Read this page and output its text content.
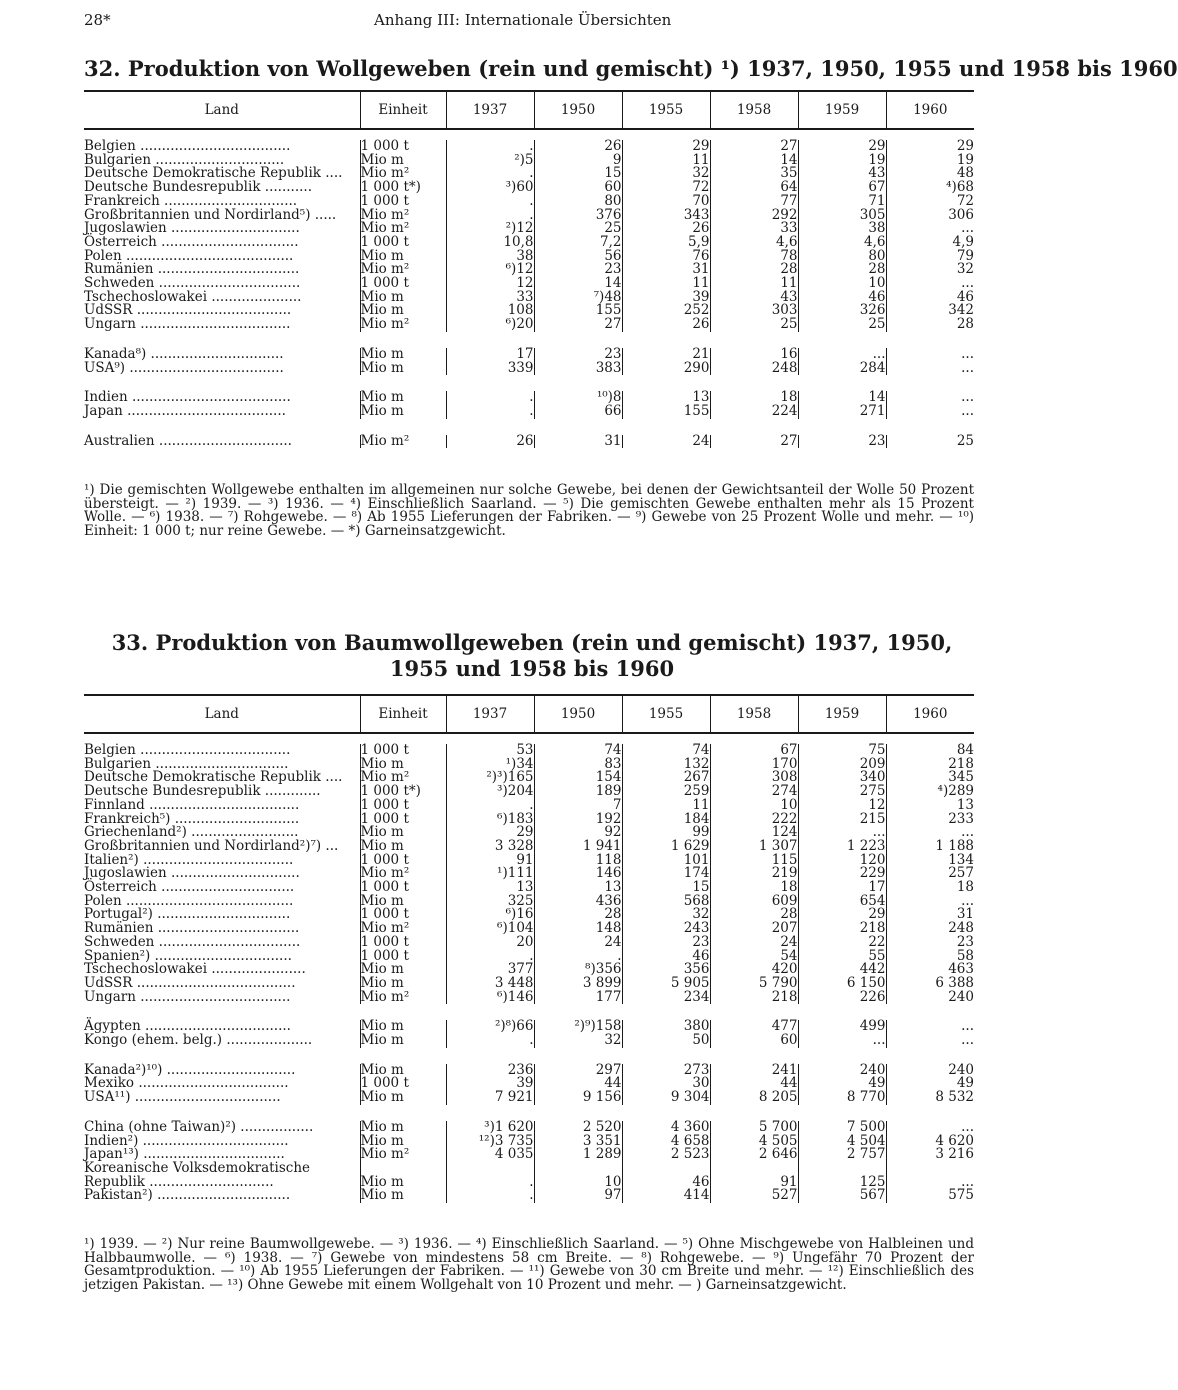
28*	Anhang III: Internationale Übersichten
32. Produktion von Wollgeweben (rein und gemischt) ¹) 1937, 1950, 1955 und 1958 bis 1960
Land	Einheit	1937	1950	1955	1958	1959	1960

Belgien ...................................	1 000 t	.	26	29	27	29	29
Bulgarien ..............................	Mio m	²)5	9	11	14	19	19
Deutsche Demokratische Republik ....	Mio m²	.	15	32	35	43	48
Deutsche Bundesrepublik ...........	1 000 t*)	³)60	60	72	64	67	⁴)68
Frankreich ...............................	1 000 t	.	80	70	77	71	72
Großbritannien und Nordirland⁵) .....	Mio m²	.	376	343	292	305	306
Jugoslawien ..............................	Mio m²	²)12	25	26	33	38	...
Österreich ................................	1 000 t	10,8	7,2	5,9	4,6	4,6	4,9
Polen .......................................	Mio m	38	56	76	78	80	79
Rumänien .................................	Mio m²	⁶)12	23	31	28	28	32
Schweden .................................	1 000 t	12	14	11	11	10	...
Tschechoslowakei .....................	Mio m	33	⁷)48	39	43	46	46
UdSSR ....................................	Mio m	108	155	252	303	326	342
Ungarn ...................................	Mio m²	⁶)20	27	26	25	25	28

Kanada⁸) ...............................	Mio m	17	23	21	16	...	...
USA⁹) ....................................	Mio m	339	383	290	248	284	...

Indien .....................................	Mio m	.	¹⁰)8	13	18	14	...
Japan .....................................	Mio m	.	66	155	224	271	...

Australien ...............................	Mio m²	26	31	24	27	23	25

¹) Die gemischten Wollgewebe enthalten im allgemeinen nur solche Gewebe, bei denen der Gewichtsanteil der Wolle 50 Prozent übersteigt. — ²) 1939. — ³) 1936. — ⁴) Einschließlich Saarland. — ⁵) Die gemischten Gewebe enthalten mehr als 15 Prozent Wolle. — ⁶) 1938. — ⁷) Rohgewebe. — ⁸) Ab 1955 Lieferungen der Fabriken. — ⁹) Gewebe von 25 Prozent Wolle und mehr. — ¹⁰) Einheit: 1 000 t; nur reine Gewebe. — *) Garneinsatzgewicht.

33. Produktion von Baumwollgeweben (rein und gemischt) 1937, 1950,
1955 und 1958 bis 1960
Land	Einheit	1937	1950	1955	1958	1959	1960

Belgien ...................................	1 000 t	53	74	74	67	75	84
Bulgarien ...............................	Mio m	¹)34	83	132	170	209	218
Deutsche Demokratische Republik ....	Mio m²	²)³)165	154	267	308	340	345
Deutsche Bundesrepublik .............	1 000 t*)	³)204	189	259	274	275	⁴)289
Finnland ...................................	1 000 t	.	7	11	10	12	13
Frankreich⁵) .............................	1 000 t	⁶)183	192	184	222	215	233
Griechenland²) .........................	Mio m	29	92	99	124	...	...
Großbritannien und Nordirland²)⁷) ...	Mio m	3 328	1 941	1 629	1 307	1 223	1 188
Italien²) ...................................	1 000 t	91	118	101	115	120	134
Jugoslawien ..............................	Mio m²	¹)111	146	174	219	229	257
Österreich ...............................	1 000 t	13	13	15	18	17	18
Polen .......................................	Mio m	325	436	568	609	654	...
Portugal²) ...............................	1 000 t	⁶)16	28	32	28	29	31
Rumänien .................................	Mio m²	⁶)104	148	243	207	218	248
Schweden .................................	1 000 t	20	24	23	24	22	23
Spanien²) ................................	1 000 t	.	.	46	54	55	58
Tschechoslowakei ......................	Mio m	377	⁸)356	356	420	442	463
UdSSR .....................................	Mio m	3 448	3 899	5 905	5 790	6 150	6 388
Ungarn ...................................	Mio m²	⁶)146	177	234	218	226	240

Ägypten ..................................	Mio m	²)⁸)66	²)⁹)158	380	477	499	...
Kongo (ehem. belg.) ....................	Mio m	.	32	50	60	...	...

Kanada²)¹⁰) ..............................	Mio m	236	297	273	241	240	240
Mexiko ...................................	1 000 t	39	44	30	44	49	49
USA¹¹) ..................................	Mio m	7 921	9 156	9 304	8 205	8 770	8 532

China (ohne Taiwan)²) .................	Mio m	³)1 620	2 520	4 360	5 700	7 500	...
Indien²) ..................................	Mio m	¹²)3 735	3 351	4 658	4 505	4 504	4 620
Japan¹³) .................................	Mio m²	4 035	1 289	2 523	2 646	2 757	3 216
Koreanische Volksdemokratische							
Republik .............................	Mio m	.	10	46	91	125	...
Pakistan²) ...............................	Mio m	.	97	414	527	567	575

¹) 1939. — ²) Nur reine Baumwollgewebe. — ³) 1936. — ⁴) Einschließlich Saarland. — ⁵) Ohne Mischgewebe von Halbleinen und Halbbaumwolle. — ⁶) 1938. — ⁷) Gewebe von mindestens 58 cm Breite. — ⁸) Rohgewebe. — ⁹) Ungefähr 70 Prozent der Gesamtproduktion. — ¹⁰) Ab 1955 Lieferungen der Fabriken. — ¹¹) Gewebe von 30 cm Breite und mehr. — ¹²) Einschließlich des jetzigen Pakistan. — ¹³) Ohne Gewebe mit einem Wollgehalt von 10 Prozent und mehr. — ) Garneinsatzgewicht.
